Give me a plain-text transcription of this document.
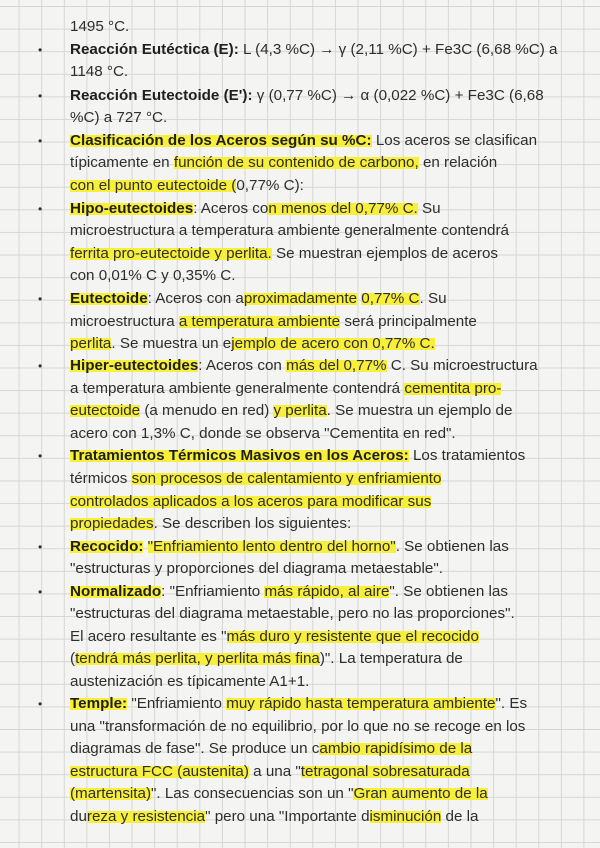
1495 °C.
• Reacción Eutéctica (E): L (4,3 %C) → γ (2,11 %C) + Fe3C (6,68 %C) a
1148 °C.
• Reacción Eutectoide (E'): γ (0,77 %C) → α (0,022 %C) + Fe3C (6,68
%C) a 727 °C.
• Clasificación de los Aceros según su %C: Los aceros se clasifican
típicamente en función de su contenido de carbono, en relación
con el punto eutectoide (0,77% C):
• Hipo-eutectoides: Aceros con menos del 0,77% C. Su
microestructura a temperatura ambiente generalmente contendrá
ferrita pro-eutectoide y perlita. Se muestran ejemplos de aceros
con 0,01% C y 0,35% C.
• Eutectoide: Aceros con aproximadamente 0,77% C. Su
microestructura a temperatura ambiente será principalmente
perlita. Se muestra un ejemplo de acero con 0,77% C.
• Hiper-eutectoides: Aceros con más del 0,77% C. Su microestructura
a temperatura ambiente generalmente contendrá cementita pro-
eutectoide (a menudo en red) y perlita. Se muestra un ejemplo de
acero con 1,3% C, donde se observa "Cementita en red".
• Tratamientos Térmicos Masivos en los Aceros: Los tratamientos
térmicos son procesos de calentamiento y enfriamiento
controlados aplicados a los aceros para modificar sus
propiedades. Se describen los siguientes:
• Recocido: "Enfriamiento lento dentro del horno". Se obtienen las
"estructuras y proporciones del diagrama metaestable".
• Normalizado: "Enfriamiento más rápido, al aire". Se obtienen las
"estructuras del diagrama metaestable, pero no las proporciones".
El acero resultante es "más duro y resistente que el recocido
(tendrá más perlita, y perlita más fina)". La temperatura de
austenización es típicamente A1+1.
• Temple: "Enfriamiento muy rápido hasta temperatura ambiente". Es
una "transformación de no equilibrio, por lo que no se recoge en los
diagramas de fase". Se produce un cambio rapidísimo de la
estructura FCC (austenita) a una "tetragonal sobresaturada
(martensita)". Las consecuencias son un "Gran aumento de la
dureza y resistencia" pero una "Importante disminución de la
